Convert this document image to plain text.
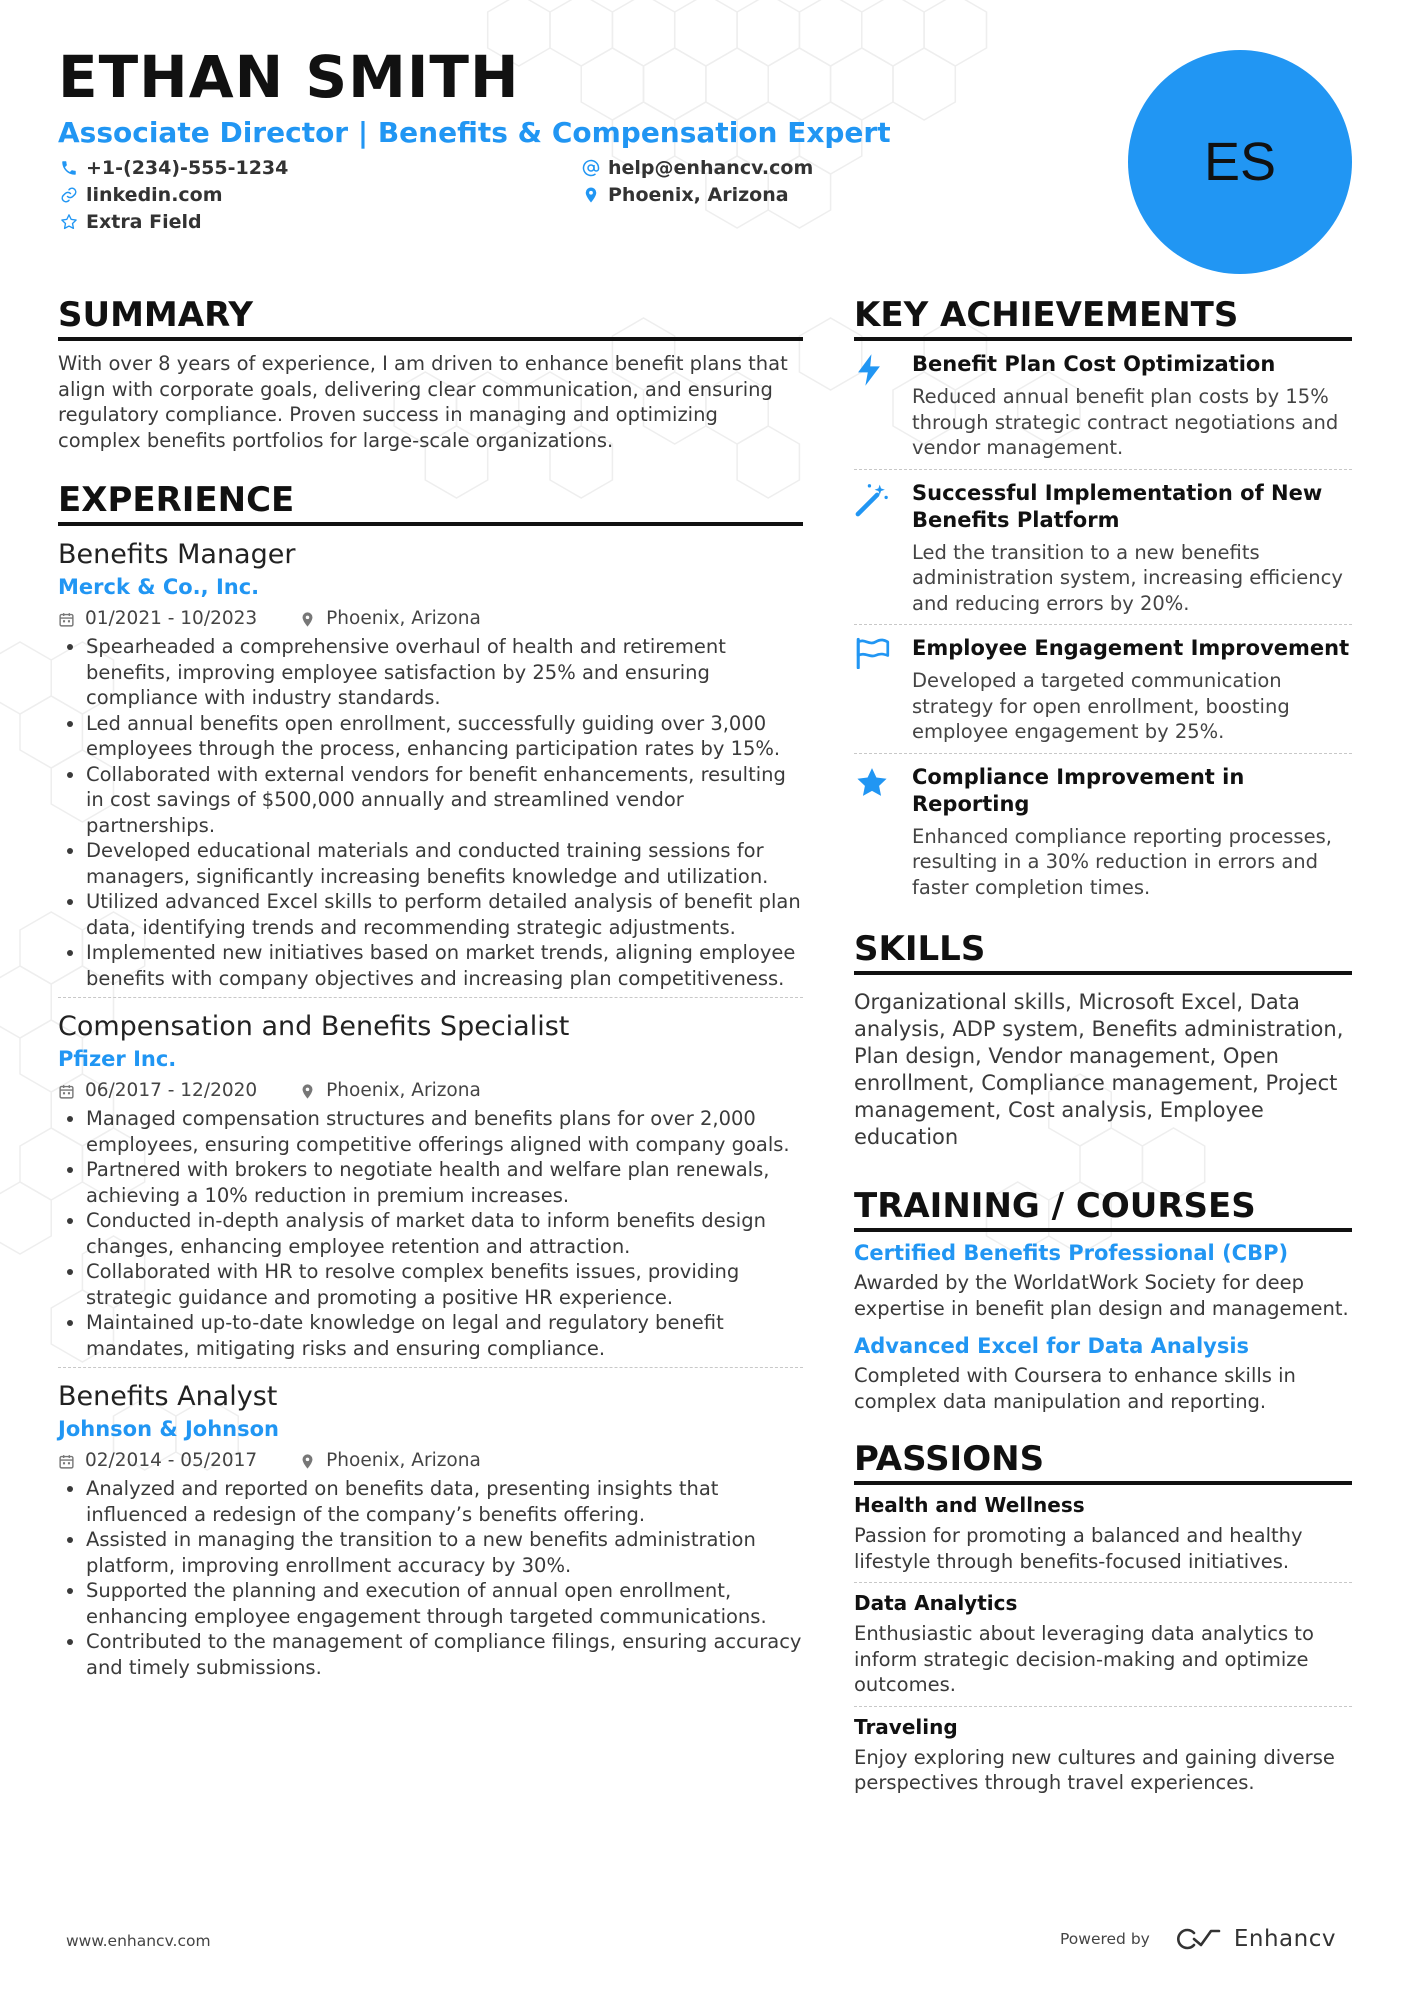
ETHAN SMITH
Associate Director | Benefits & Compensation Expert
+1-(234)-555-1234	help@enhancv.com
linkedin.com	Phoenix, Arizona
Extra Field
ES
SUMMARY
With over 8 years of experience, I am driven to enhance benefit plans that align with corporate goals, delivering clear communication, and ensuring regulatory compliance. Proven success in managing and optimizing complex benefits portfolios for large-scale organizations.
EXPERIENCE
Benefits Manager
Merck & Co., Inc.
01/2021 - 10/2023	Phoenix, Arizona
• Spearheaded a comprehensive overhaul of health and retirement benefits, improving employee satisfaction by 25% and ensuring compliance with industry standards.
• Led annual benefits open enrollment, successfully guiding over 3,000 employees through the process, enhancing participation rates by 15%.
• Collaborated with external vendors for benefit enhancements, resulting in cost savings of $500,000 annually and streamlined vendor partnerships.
• Developed educational materials and conducted training sessions for managers, significantly increasing benefits knowledge and utilization.
• Utilized advanced Excel skills to perform detailed analysis of benefit plan data, identifying trends and recommending strategic adjustments.
• Implemented new initiatives based on market trends, aligning employee benefits with company objectives and increasing plan competitiveness.
Compensation and Benefits Specialist
Pfizer Inc.
06/2017 - 12/2020	Phoenix, Arizona
• Managed compensation structures and benefits plans for over 2,000 employees, ensuring competitive offerings aligned with company goals.
• Partnered with brokers to negotiate health and welfare plan renewals, achieving a 10% reduction in premium increases.
• Conducted in-depth analysis of market data to inform benefits design changes, enhancing employee retention and attraction.
• Collaborated with HR to resolve complex benefits issues, providing strategic guidance and promoting a positive HR experience.
• Maintained up-to-date knowledge on legal and regulatory benefit mandates, mitigating risks and ensuring compliance.
Benefits Analyst
Johnson & Johnson
02/2014 - 05/2017	Phoenix, Arizona
• Analyzed and reported on benefits data, presenting insights that influenced a redesign of the company’s benefits offering.
• Assisted in managing the transition to a new benefits administration platform, improving enrollment accuracy by 30%.
• Supported the planning and execution of annual open enrollment, enhancing employee engagement through targeted communications.
• Contributed to the management of compliance filings, ensuring accuracy and timely submissions.
KEY ACHIEVEMENTS
Benefit Plan Cost Optimization
Reduced annual benefit plan costs by 15% through strategic contract negotiations and vendor management.
Successful Implementation of New Benefits Platform
Led the transition to a new benefits administration system, increasing efficiency and reducing errors by 20%.
Employee Engagement Improvement
Developed a targeted communication strategy for open enrollment, boosting employee engagement by 25%.
Compliance Improvement in Reporting
Enhanced compliance reporting processes, resulting in a 30% reduction in errors and faster completion times.
SKILLS
Organizational skills, Microsoft Excel, Data analysis, ADP system, Benefits administration, Plan design, Vendor management, Open enrollment, Compliance management, Project management, Cost analysis, Employee education
TRAINING / COURSES
Certified Benefits Professional (CBP)
Awarded by the WorldatWork Society for deep expertise in benefit plan design and management.
Advanced Excel for Data Analysis
Completed with Coursera to enhance skills in complex data manipulation and reporting.
PASSIONS
Health and Wellness
Passion for promoting a balanced and healthy lifestyle through benefits-focused initiatives.
Data Analytics
Enthusiastic about leveraging data analytics to inform strategic decision-making and optimize outcomes.
Traveling
Enjoy exploring new cultures and gaining diverse perspectives through travel experiences.
www.enhancv.com	Powered by	Enhancv
